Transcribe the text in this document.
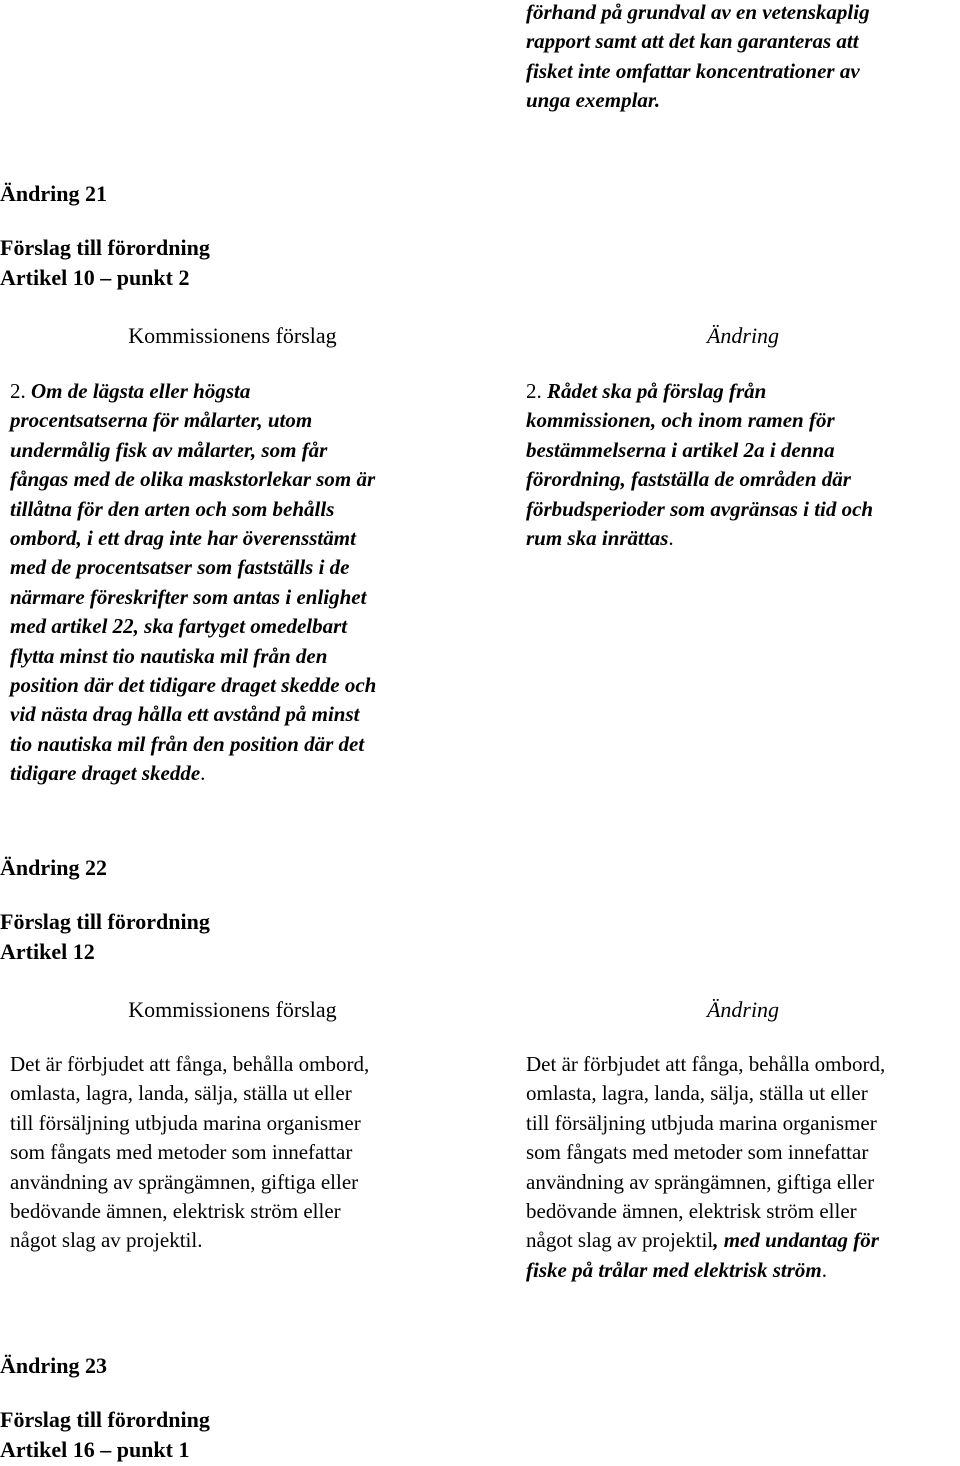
förhand på grundval av en vetenskaplig
rapport samt att det kan garanteras att
fisket inte omfattar koncentrationer av
unga exemplar.
Ändring 21
Förslag till förordning
Artikel 10 – punkt 2
Kommissionens förslag	Ändring
2. Om de lägsta eller högsta
procentsatserna för målarter, utom
undermålig fisk av målarter, som får
fångas med de olika maskstorlekar som är
tillåtna för den arten och som behålls
ombord, i ett drag inte har överensstämt
med de procentsatser som fastställs i de
närmare föreskrifter som antas i enlighet
med artikel 22, ska fartyget omedelbart
flytta minst tio nautiska mil från den
position där det tidigare draget skedde och
vid nästa drag hålla ett avstånd på minst
tio nautiska mil från den position där det
tidigare draget skedde.
2. Rådet ska på förslag från
kommissionen, och inom ramen för
bestämmelserna i artikel 2a i denna
förordning, fastställa de områden där
förbudsperioder som avgränsas i tid och
rum ska inrättas.
Ändring 22
Förslag till förordning
Artikel 12
Kommissionens förslag	Ändring
Det är förbjudet att fånga, behålla ombord,
omlasta, lagra, landa, sälja, ställa ut eller
till försäljning utbjuda marina organismer
som fångats med metoder som innefattar
användning av sprängämnen, giftiga eller
bedövande ämnen, elektrisk ström eller
något slag av projektil.
Det är förbjudet att fånga, behålla ombord,
omlasta, lagra, landa, sälja, ställa ut eller
till försäljning utbjuda marina organismer
som fångats med metoder som innefattar
användning av sprängämnen, giftiga eller
bedövande ämnen, elektrisk ström eller
något slag av projektil, med undantag för
fiske på trålar med elektrisk ström.
Ändring 23
Förslag till förordning
Artikel 16 – punkt 1
